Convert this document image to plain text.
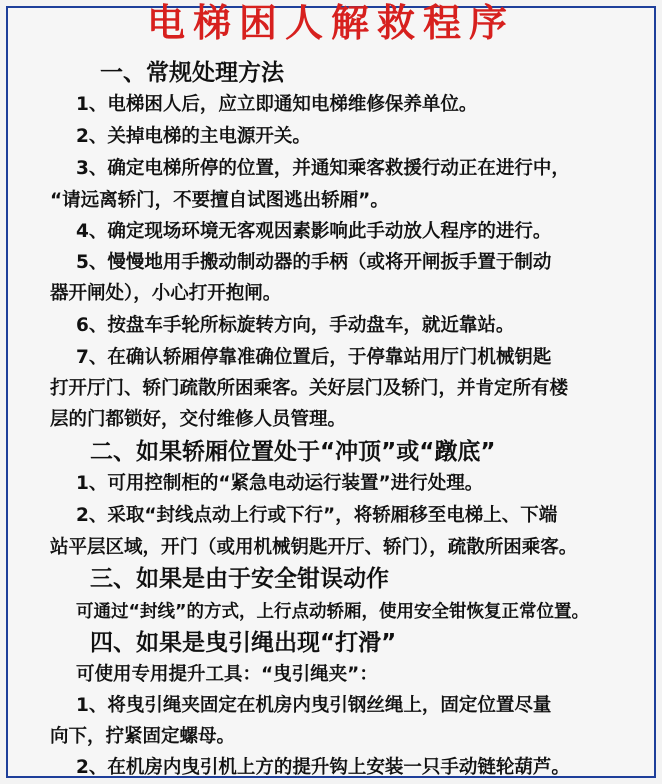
电梯困人解救程序
一、常规处理方法
1、电梯困人后，应立即通知电梯维修保养单位。
2、关掉电梯的主电源开关。
3、确定电梯所停的位置，并通知乘客救援行动正在进行中，
“请远离轿门，不要擅自试图逃出轿厢”。
4、确定现场环境无客观因素影响此手动放人程序的进行。
5、慢慢地用手搬动制动器的手柄（或将开闸扳手置于制动
器开闸处），小心打开抱闸。
6、按盘车手轮所标旋转方向，手动盘车，就近靠站。
7、在确认轿厢停靠准确位置后，于停靠站用厅门机械钥匙
打开厅门、轿门疏散所困乘客。关好层门及轿门，并肯定所有楼
层的门都锁好，交付维修人员管理。
二、如果轿厢位置处于“冲顶”或“蹾底”
1、可用控制柜的“紧急电动运行装置”进行处理。
2、采取“封线点动上行或下行”，将轿厢移至电梯上、下端
站平层区域，开门（或用机械钥匙开厅、轿门），疏散所困乘客。
三、如果是由于安全钳误动作
可通过“封线”的方式，上行点动轿厢，使用安全钳恢复正常位置。
四、如果是曳引绳出现“打滑”
可使用专用提升工具：“曳引绳夹”：
1、将曳引绳夹固定在机房内曳引钢丝绳上，固定位置尽量
向下，拧紧固定螺母。
2、在机房内曳引机上方的提升钩上安装一只手动链轮葫芦。
